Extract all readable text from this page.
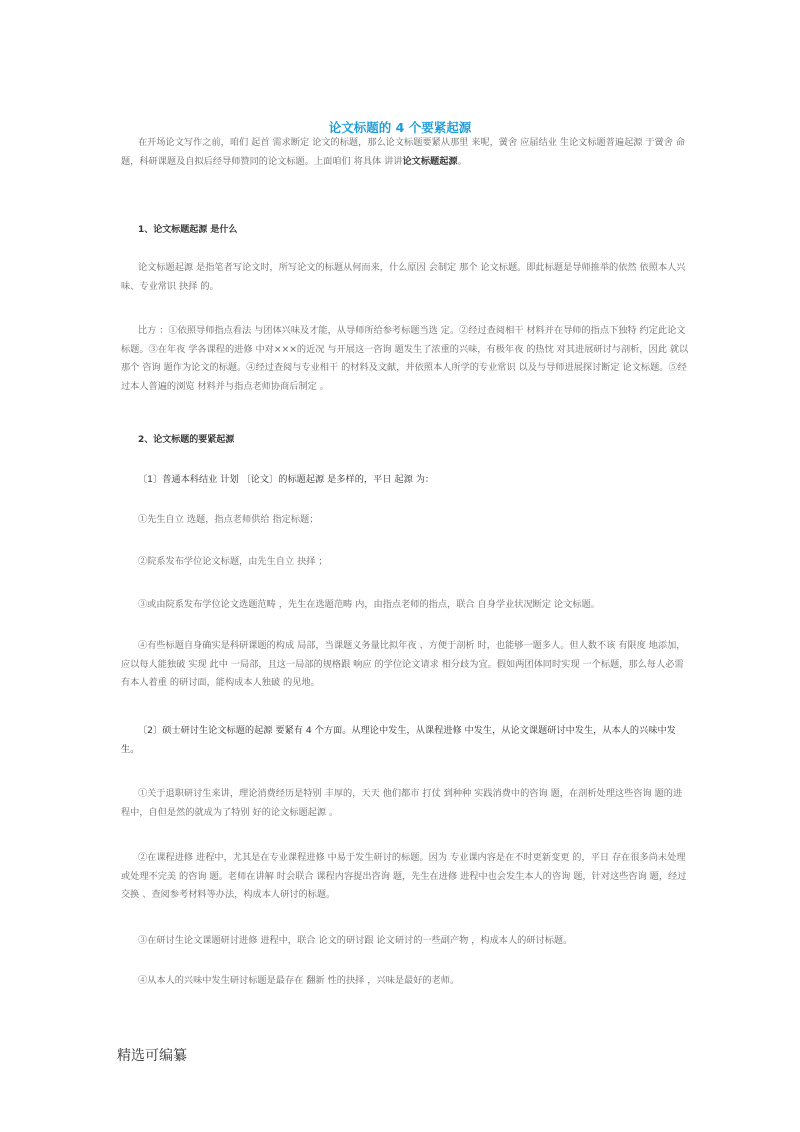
论文标题的 4 个要紧起源

在开场论文写作之前，咱们 起首 需求断定 论文的标题，那么论文标题要紧从那里 来呢，黉舍 应届结业 生论文标题普遍起源 于黉舍 命题，科研课题及自拟后经导师赞同的论文标题。上面咱们 将具体 讲讲论文标题起源。

1、论文标题起源 是什么

论文标题起源 是指笔者写论文时，所写论文的标题从何而来，什么原因 会制定 那个 论文标题。即此标题是导师推举的依然 依照本人兴味、专业常识 抉择 的。

比方 ：①依照导师指点看法 与团体兴味及才能，从导师所给参考标题当选 定。②经过查阅相干 材料并在导师的指点下独特 约定此论文标题。③在年夜 学各课程的进修 中对×××的近况 与开展这一咨询 题发生了浓重的兴味，有极年夜 的热忱 对其进展研讨与剖析，因此 就以那个 咨询 题作为论文的标题。④经过查阅与专业相干 的材料及文献，并依照本人所学的专业常识 以及与导师进展探讨断定 论文标题。⑤经过本人普遍的浏览 材料并与指点老师协商后制定 。

2、论文标题的要紧起源

〔1〕普通本科结业 计划 〔论文〕的标题起源 是多样的，平日 起源 为：

①先生自立 选题，指点老师供给 指定标题；

②院系发布学位论文标题，由先生自立 抉择 ；

③或由院系发布学位论文选题范畴 ，先生在选题范畴 内，由指点老师的指点，联合 自身学业状况断定 论文标题。

④有些标题自身确实是科研课题的构成 局部，当课题义务量比拟年夜 、方便于剖析 时，也能够一题多人。但人数不该 有限度 地添加，应以每人能独破 实现 此中 一局部，且这一局部的规格跟 响应 的学位论文请求 相分歧为宜。假如两团体同时实现 一个标题，那么每人必需有本人着重 的研讨面，能构成本人独破 的见地。

〔2〕硕士研讨生论文标题的起源 要紧有 4 个方面。从理论中发生，从课程进修 中发生，从论文课题研讨中发生，从本人的兴味中发生。

①关于退职研讨生来讲，理论消费经历是特别 丰厚的，天天 他们都市 打仗 到种种 实践消费中的咨询 题，在剖析处理这些咨询 题的进程中，自但是然的就成为了特别 好的论文标题起源 。

②在课程进修 进程中，尤其是在专业课程进修 中易于发生研讨的标题。因为 专业课内容是在不时更新变更 的，平日 存在很多尚未处理或处理不完美 的咨询 题。老师在讲解 时会联合 课程内容提出咨询 题，先生在进修 进程中也会发生本人的咨询 题，针对这些咨询 题，经过交换 、查阅参考材料等办法，构成本人研讨的标题。

③在研讨生论文课题研讨进修 进程中，联合 论文的研讨跟 论文研讨的一些副产物 ，构成本人的研讨标题。

④从本人的兴味中发生研讨标题是最存在 翻新 性的抉择 ，兴味是最好的老师。

精选可编纂
